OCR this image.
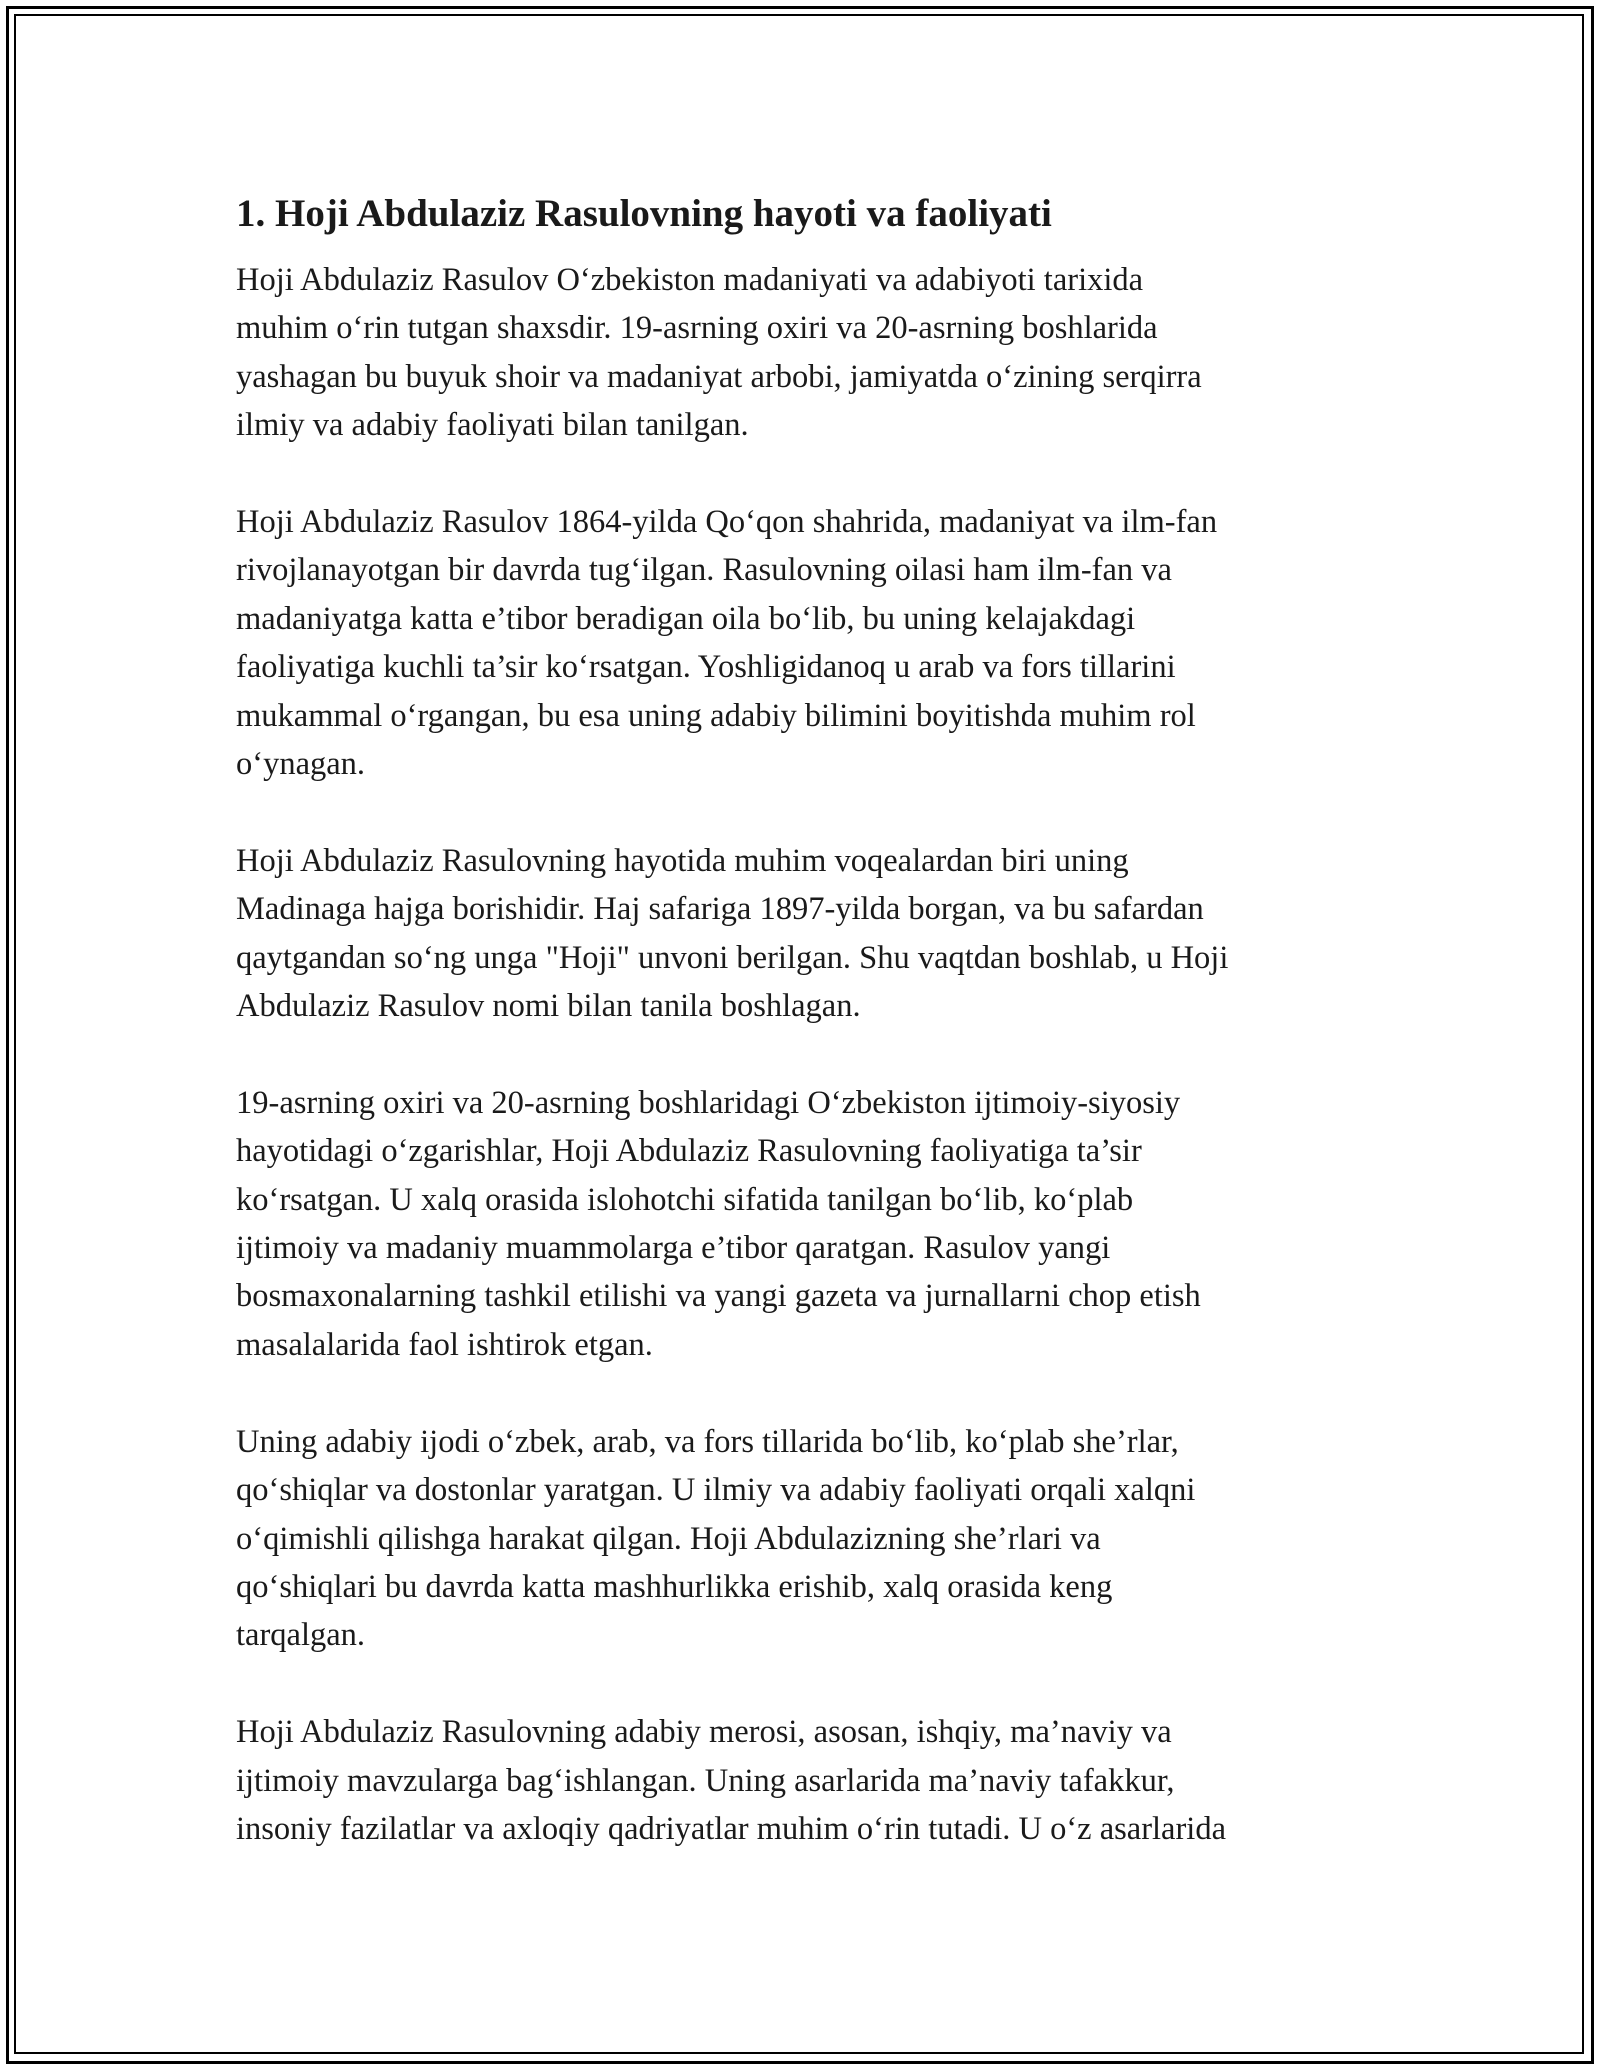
1. Hoji Abdulaziz Rasulovning hayoti va faoliyati

Hoji Abdulaziz Rasulov O‘zbekiston madaniyati va adabiyoti tarixida
muhim o‘rin tutgan shaxsdir. 19-asrning oxiri va 20-asrning boshlarida
yashagan bu buyuk shoir va madaniyat arbobi, jamiyatda o‘zining serqirra
ilmiy va adabiy faoliyati bilan tanilgan.

Hoji Abdulaziz Rasulov 1864-yilda Qo‘qon shahrida, madaniyat va ilm-fan
rivojlanayotgan bir davrda tug‘ilgan. Rasulovning oilasi ham ilm-fan va
madaniyatga katta e’tibor beradigan oila bo‘lib, bu uning kelajakdagi
faoliyatiga kuchli ta’sir ko‘rsatgan. Yoshligidanoq u arab va fors tillarini
mukammal o‘rgangan, bu esa uning adabiy bilimini boyitishda muhim rol
o‘ynagan.

Hoji Abdulaziz Rasulovning hayotida muhim voqealardan biri uning
Madinaga hajga borishidir. Haj safariga 1897-yilda borgan, va bu safardan
qaytgandan so‘ng unga "Hoji" unvoni berilgan. Shu vaqtdan boshlab, u Hoji
Abdulaziz Rasulov nomi bilan tanila boshlagan.

19-asrning oxiri va 20-asrning boshlaridagi O‘zbekiston ijtimoiy-siyosiy
hayotidagi o‘zgarishlar, Hoji Abdulaziz Rasulovning faoliyatiga ta’sir
ko‘rsatgan. U xalq orasida islohotchi sifatida tanilgan bo‘lib, ko‘plab
ijtimoiy va madaniy muammolarga e’tibor qaratgan. Rasulov yangi
bosmaxonalarning tashkil etilishi va yangi gazeta va jurnallarni chop etish
masalalarida faol ishtirok etgan.

Uning adabiy ijodi o‘zbek, arab, va fors tillarida bo‘lib, ko‘plab she’rlar,
qo‘shiqlar va dostonlar yaratgan. U ilmiy va adabiy faoliyati orqali xalqni
o‘qimishli qilishga harakat qilgan. Hoji Abdulazizning she’rlari va
qo‘shiqlari bu davrda katta mashhurlikka erishib, xalq orasida keng
tarqalgan.

Hoji Abdulaziz Rasulovning adabiy merosi, asosan, ishqiy, ma’naviy va
ijtimoiy mavzularga bag‘ishlangan. Uning asarlarida ma’naviy tafakkur,
insoniy fazilatlar va axloqiy qadriyatlar muhim o‘rin tutadi. U o‘z asarlarida
